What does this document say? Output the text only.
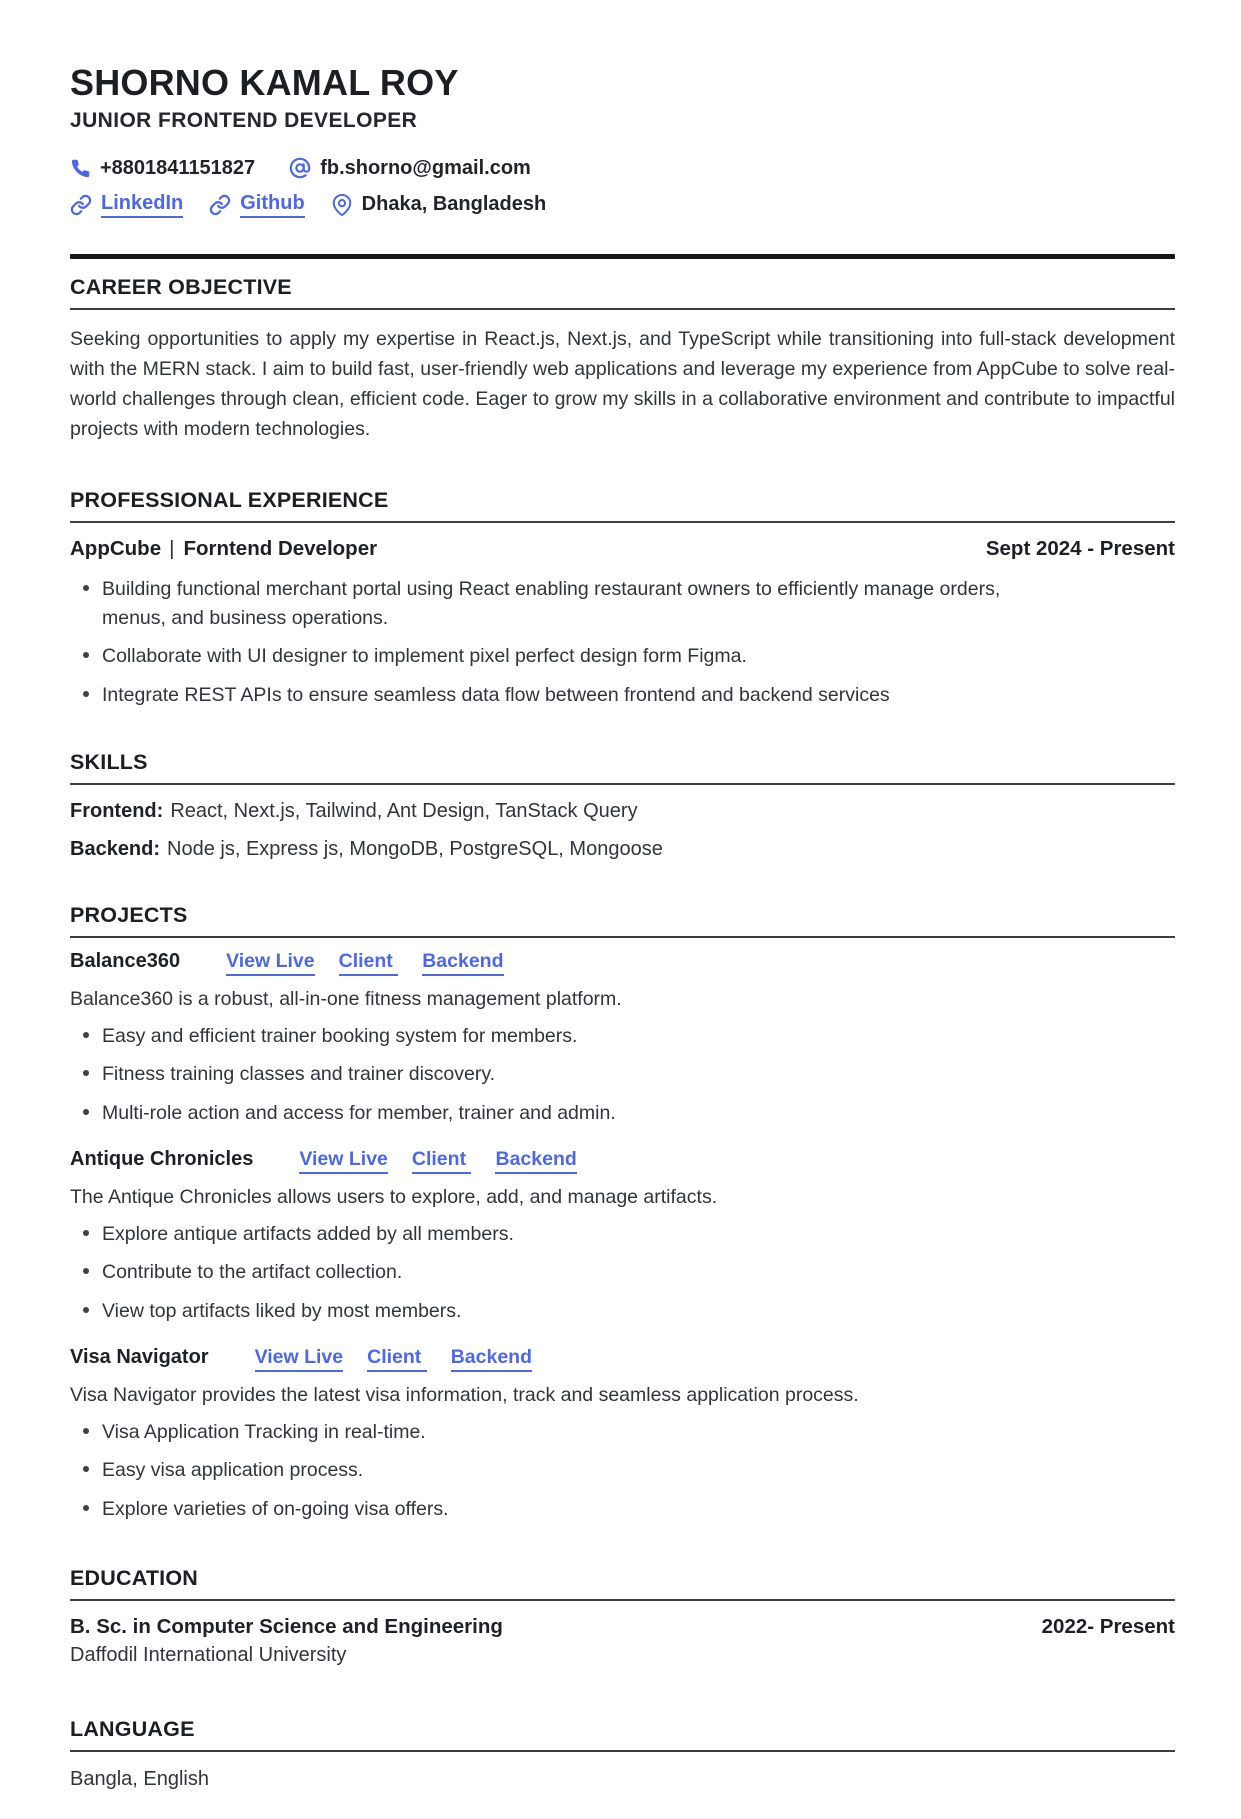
SHORNO KAMAL ROY
JUNIOR FRONTEND DEVELOPER
+8801841151827	fb.shorno@gmail.com
LinkedIn	Github	Dhaka, Bangladesh
CAREER OBJECTIVE

Seeking opportunities to apply my expertise in React.js, Next.js, and TypeScript while transitioning into full-stack development with the MERN stack. I aim to build fast, user-friendly web applications and leverage my experience from AppCube to solve real-world challenges through clean, efficient code. Eager to grow my skills in a collaborative environment and contribute to impactful projects with modern technologies.

PROFESSIONAL EXPERIENCE
AppCube | Forntend Developer	Sept 2024 - Present
Building functional merchant portal using React enabling restaurant owners to efficiently manage orders, menus, and business operations.
Collaborate with UI designer to implement pixel perfect design form Figma.
Integrate REST APIs to ensure seamless data flow between frontend and backend services
SKILLS
Frontend: React, Next.js, Tailwind, Ant Design, TanStack Query
Backend: Node js, Express js, MongoDB, PostgreSQL, Mongoose
PROJECTS
Balance360 View Live Client Backend
Balance360 is a robust, all-in-one fitness management platform.
Easy and efficient trainer booking system for members.
Fitness training classes and trainer discovery.
Multi-role action and access for member, trainer and admin.
Antique Chronicles View Live Client Backend
The Antique Chronicles allows users to explore, add, and manage artifacts.
Explore antique artifacts added by all members.
Contribute to the artifact collection.
View top artifacts liked by most members.
Visa Navigator View Live Client Backend
Visa Navigator provides the latest visa information, track and seamless application process.
Visa Application Tracking in real-time.
Easy visa application process.
Explore varieties of on-going visa offers.
EDUCATION
B. Sc. in Computer Science and Engineering	2022- Present
Daffodil International University
LANGUAGE
Bangla, English
